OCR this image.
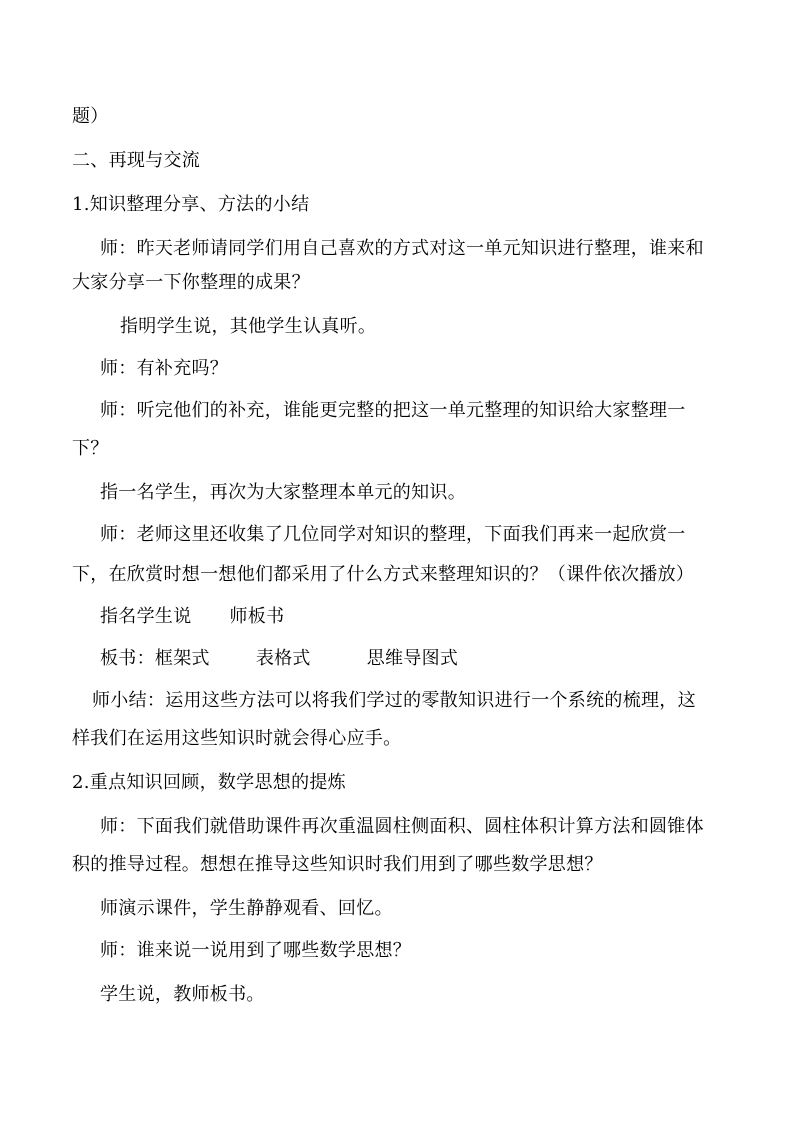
题）
二、再现与交流
1.知识整理分享、方法的小结
师：昨天老师请同学们用自己喜欢的方式对这一单元知识进行整理，谁来和
大家分享一下你整理的成果？
指明学生说，其他学生认真听。
师：有补充吗？
师：听完他们的补充，谁能更完整的把这一单元整理的知识给大家整理一
下？
指一名学生，再次为大家整理本单元的知识。
师：老师这里还收集了几位同学对知识的整理，下面我们再来一起欣赏一
下，在欣赏时想一想他们都采用了什么方式来整理知识的？（课件依次播放）
指名学生说 师板书
板书：框架式	表格式	思维导图式
师小结：运用这些方法可以将我们学过的零散知识进行一个系统的梳理，这
样我们在运用这些知识时就会得心应手。
2.重点知识回顾，数学思想的提炼
师：下面我们就借助课件再次重温圆柱侧面积、圆柱体积计算方法和圆锥体
积的推导过程。想想在推导这些知识时我们用到了哪些数学思想？
师演示课件，学生静静观看、回忆。
师：谁来说一说用到了哪些数学思想？
学生说，教师板书。
